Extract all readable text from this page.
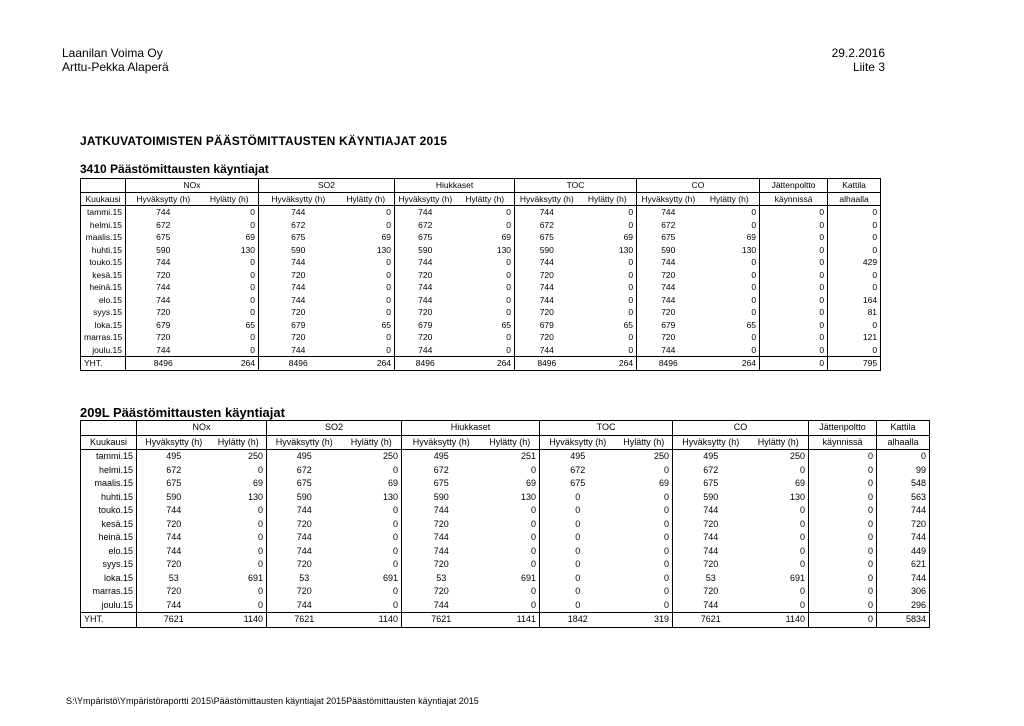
Laanilan Voima Oy
Arttu-Pekka Alaperä
29.2.2016
Liite 3
JATKUVATOIMISTEN PÄÄSTÖMITTAUSTEN KÄYNTIAJAT 2015
3410 Päästömittausten käyntiajat
	NOx		SO2		Hiukkaset		TOC		CO		Jättenpoltto	Kattila
Kuukausi	Hyväksytty (h)	Hylätty (h)	Hyväksytty (h)	Hylätty (h)	Hyväksytty (h)	Hylätty (h)	Hyväksytty (h)	Hylätty (h)	Hyväksytty (h)	Hylätty (h)	käynnissä	alhaalla
tammi.15	744	0	744	0	744	0	744	0	744	0	0	0
helmi.15	672	0	672	0	672	0	672	0	672	0	0	0
maalis.15	675	69	675	69	675	69	675	69	675	69	0	0
huhti.15	590	130	590	130	590	130	590	130	590	130	0	0
touko.15	744	0	744	0	744	0	744	0	744	0	0	429
kesä.15	720	0	720	0	720	0	720	0	720	0	0	0
heinä.15	744	0	744	0	744	0	744	0	744	0	0	0
elo.15	744	0	744	0	744	0	744	0	744	0	0	164
syys.15	720	0	720	0	720	0	720	0	720	0	0	81
loka.15	679	65	679	65	679	65	679	65	679	65	0	0
marras.15	720	0	720	0	720	0	720	0	720	0	0	121
joulu.15	744	0	744	0	744	0	744	0	744	0	0	0
YHT.	8496	264	8496	264	8496	264	8496	264	8496	264	0	795
209L Päästömittausten käyntiajat
	NOx		SO2		Hiukkaset		TOC		CO		Jättenpoltto	Kattila
Kuukausi	Hyväksytty (h)	Hylätty (h)	Hyväksytty (h)	Hylätty (h)	Hyväksytty (h)	Hylätty (h)	Hyväksytty (h)	Hylätty (h)	Hyväksytty (h)	Hylätty (h)	käynnissä	alhaalla
tammi.15	495	250	495	250	495	251	495	250	495	250	0	0
helmi.15	672	0	672	0	672	0	672	0	672	0	0	99
maalis.15	675	69	675	69	675	69	675	69	675	69	0	548
huhti.15	590	130	590	130	590	130	0	0	590	130	0	563
touko.15	744	0	744	0	744	0	0	0	744	0	0	744
kesä.15	720	0	720	0	720	0	0	0	720	0	0	720
heinä.15	744	0	744	0	744	0	0	0	744	0	0	744
elo.15	744	0	744	0	744	0	0	0	744	0	0	449
syys.15	720	0	720	0	720	0	0	0	720	0	0	621
loka.15	53	691	53	691	53	691	0	0	53	691	0	744
marras.15	720	0	720	0	720	0	0	0	720	0	0	306
joulu.15	744	0	744	0	744	0	0	0	744	0	0	296
YHT.	7621	1140	7621	1140	7621	1141	1842	319	7621	1140	0	5834
S:\Ympäristö\Ympäristöraportti 2015\Päästömittausten käyntiajat 2015Päästömittausten käyntiajat 2015
